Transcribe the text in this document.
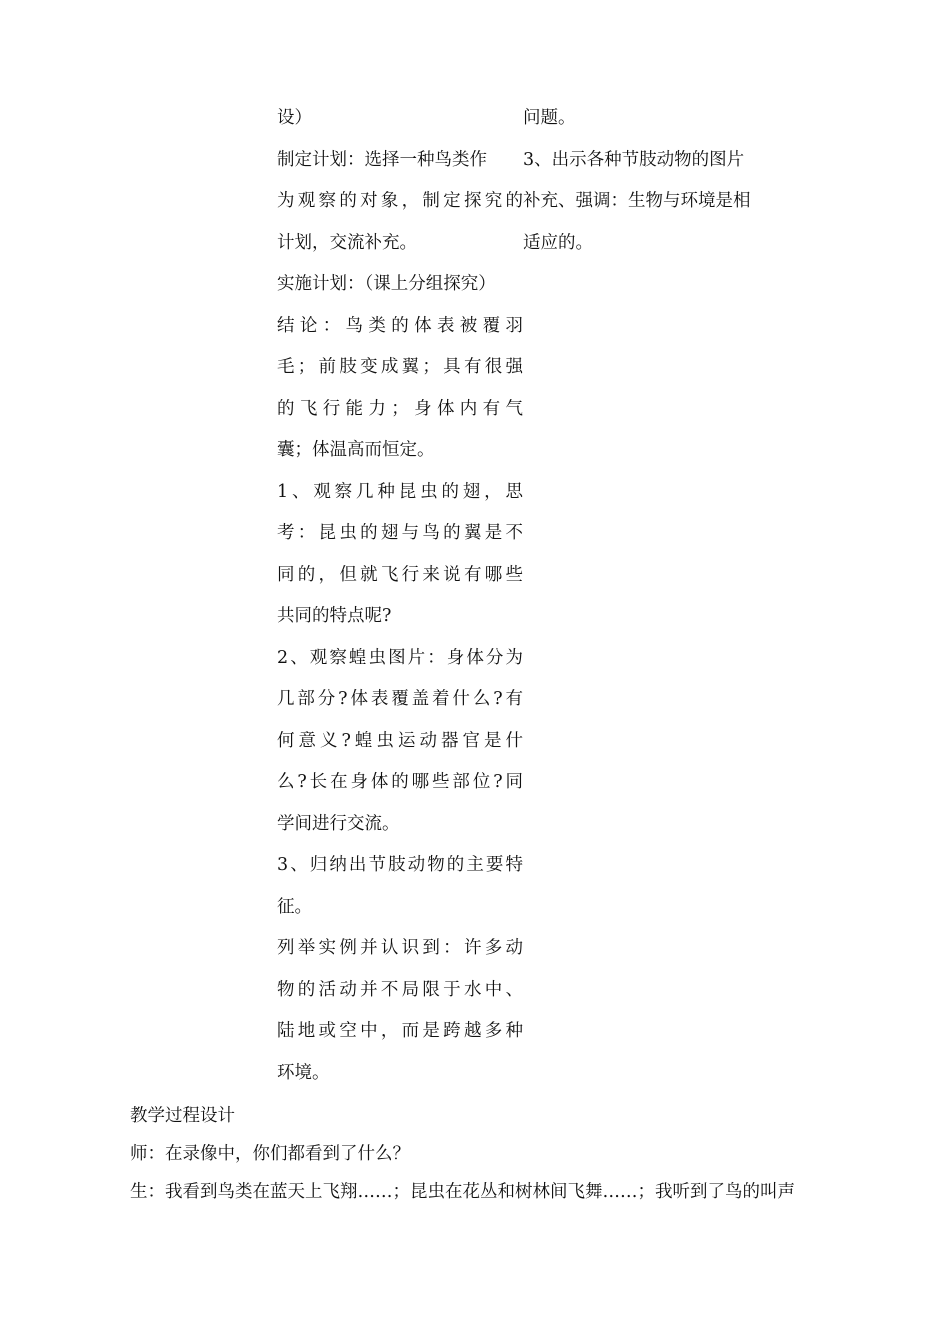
设）
制定计划：选择一种鸟类作
为观察的对象，制定探究的
计划，交流补充。
实施计划：（课上分组探究）
结论：鸟类的体表被覆羽
毛；前肢变成翼；具有很强
的飞行能力；身体内有气
囊；体温高而恒定。
1、观察几种昆虫的翅，思
考：昆虫的翅与鸟的翼是不
同的，但就飞行来说有哪些
共同的特点呢?
2、观察蝗虫图片：身体分为
几部分?体表覆盖着什么?有
何意义?蝗虫运动器官是什
么?长在身体的哪些部位?同
学间进行交流。
3、归纳出节肢动物的主要特
征。
列举实例并认识到：许多动
物的活动并不局限于水中、
陆地或空中，而是跨越多种
环境。
问题。
3、出示各种节肢动物的图片
补充、强调：生物与环境是相
适应的。
教学过程设计
师：在录像中，你们都看到了什么？
生：我看到鸟类在蓝天上飞翔……；昆虫在花丛和树林间飞舞……；我听到了鸟的叫声
